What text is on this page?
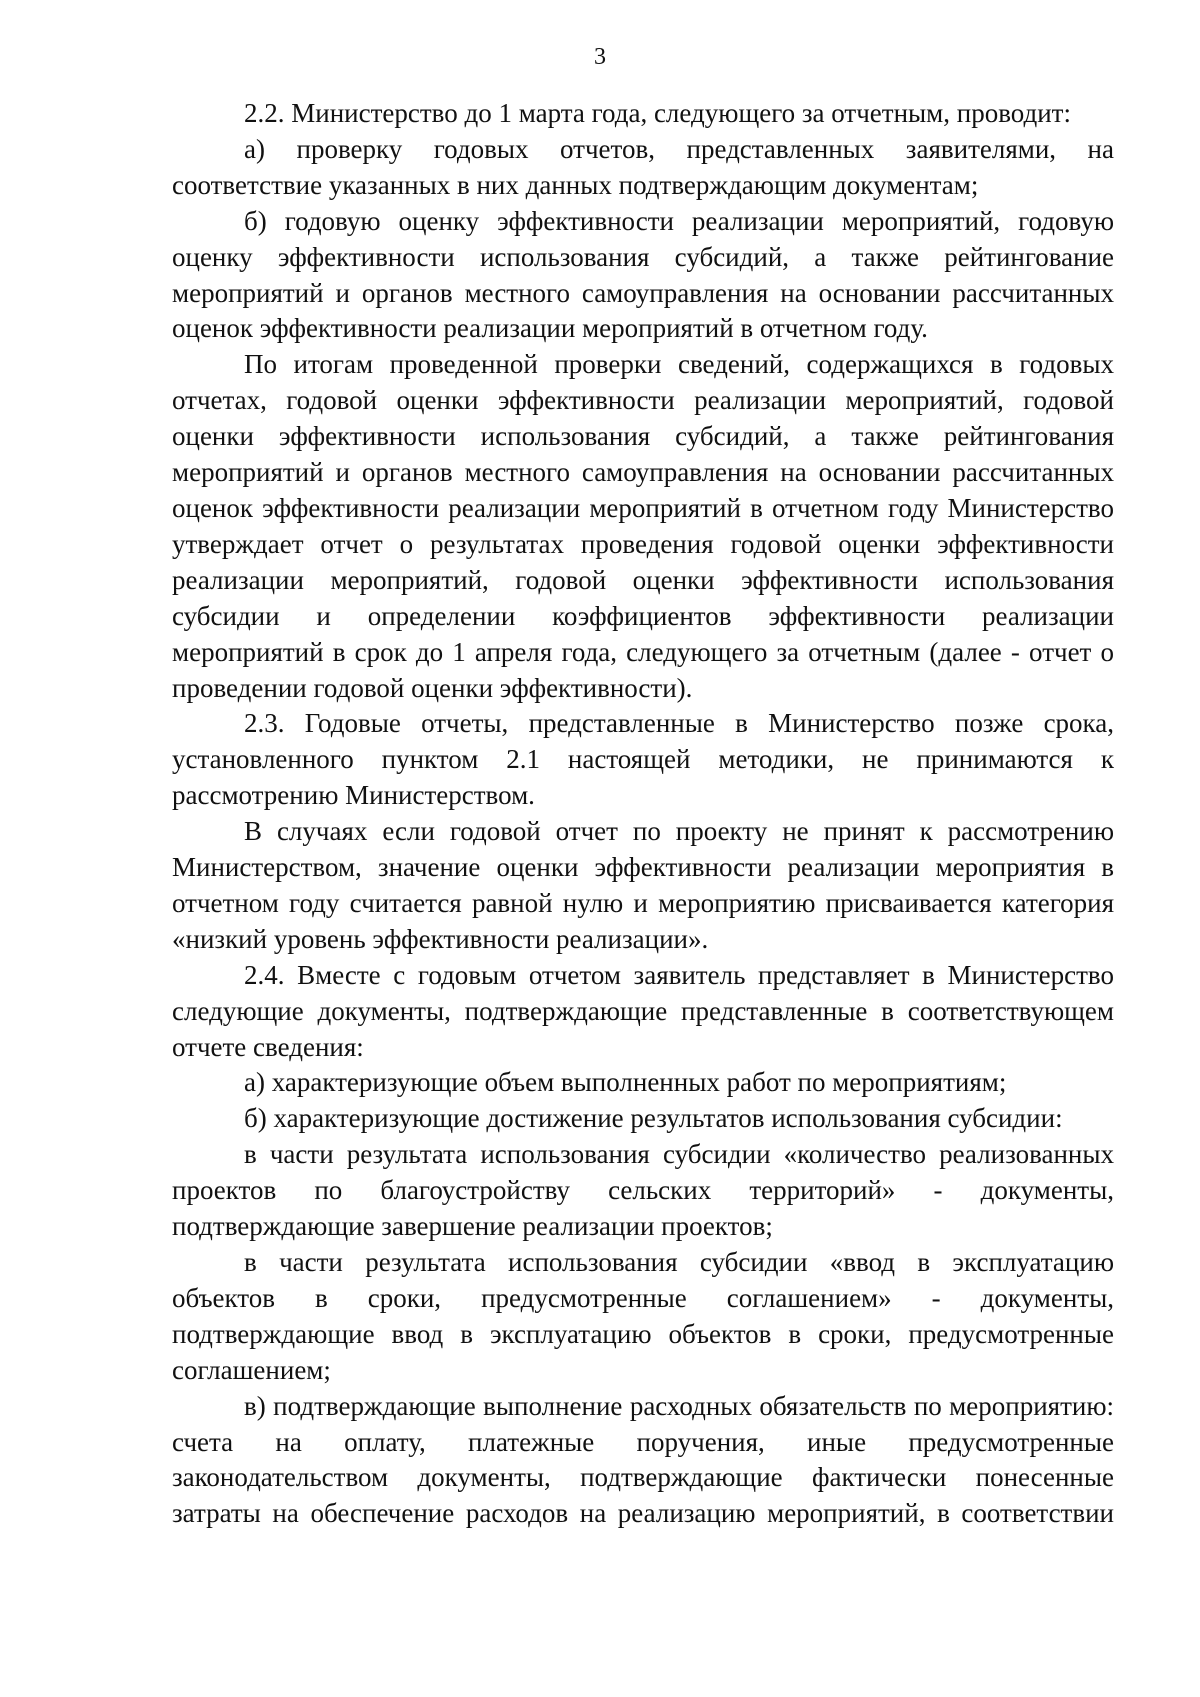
3

2.2. Министерство до 1 марта года, следующего за отчетным, проводит:

а) проверку годовых отчетов, представленных заявителями, на соответствие указанных в них данных подтверждающим документам;

б) годовую оценку эффективности реализации мероприятий, годовую оценку эффективности использования субсидий, а также рейтингование мероприятий и органов местного самоуправления на основании рассчитанных оценок эффективности реализации мероприятий в отчетном году.

По итогам проведенной проверки сведений, содержащихся в годовых отчетах, годовой оценки эффективности реализации мероприятий, годовой оценки эффективности использования субсидий, а также рейтингования мероприятий и органов местного самоуправления на основании рассчитанных оценок эффективности реализации мероприятий в отчетном году Министерство утверждает отчет о результатах проведения годовой оценки эффективности реализации мероприятий, годовой оценки эффективности использования субсидии и определении коэффициентов эффективности реализации мероприятий в срок до 1 апреля года, следующего за отчетным (далее - отчет о проведении годовой оценки эффективности).

2.3. Годовые отчеты, представленные в Министерство позже срока, установленного пунктом 2.1 настоящей методики, не принимаются к рассмотрению Министерством.

В случаях если годовой отчет по проекту не принят к рассмотрению Министерством, значение оценки эффективности реализации мероприятия в отчетном году считается равной нулю и мероприятию присваивается категория «низкий уровень эффективности реализации».

2.4. Вместе с годовым отчетом заявитель представляет в Министерство следующие документы, подтверждающие представленные в соответствующем отчете сведения:

а) характеризующие объем выполненных работ по мероприятиям;

б) характеризующие достижение результатов использования субсидии:

в части результата использования субсидии «количество реализованных проектов по благоустройству сельских территорий» - документы, подтверждающие завершение реализации проектов;

в части результата использования субсидии «ввод в эксплуатацию объектов в сроки, предусмотренные соглашением» - документы, подтверждающие ввод в эксплуатацию объектов в сроки, предусмотренные соглашением;

в) подтверждающие выполнение расходных обязательств по мероприятию: счета на оплату, платежные поручения, иные предусмотренные законодательством документы, подтверждающие фактически понесенные затраты на обеспечение расходов на реализацию мероприятий, в соответствии
